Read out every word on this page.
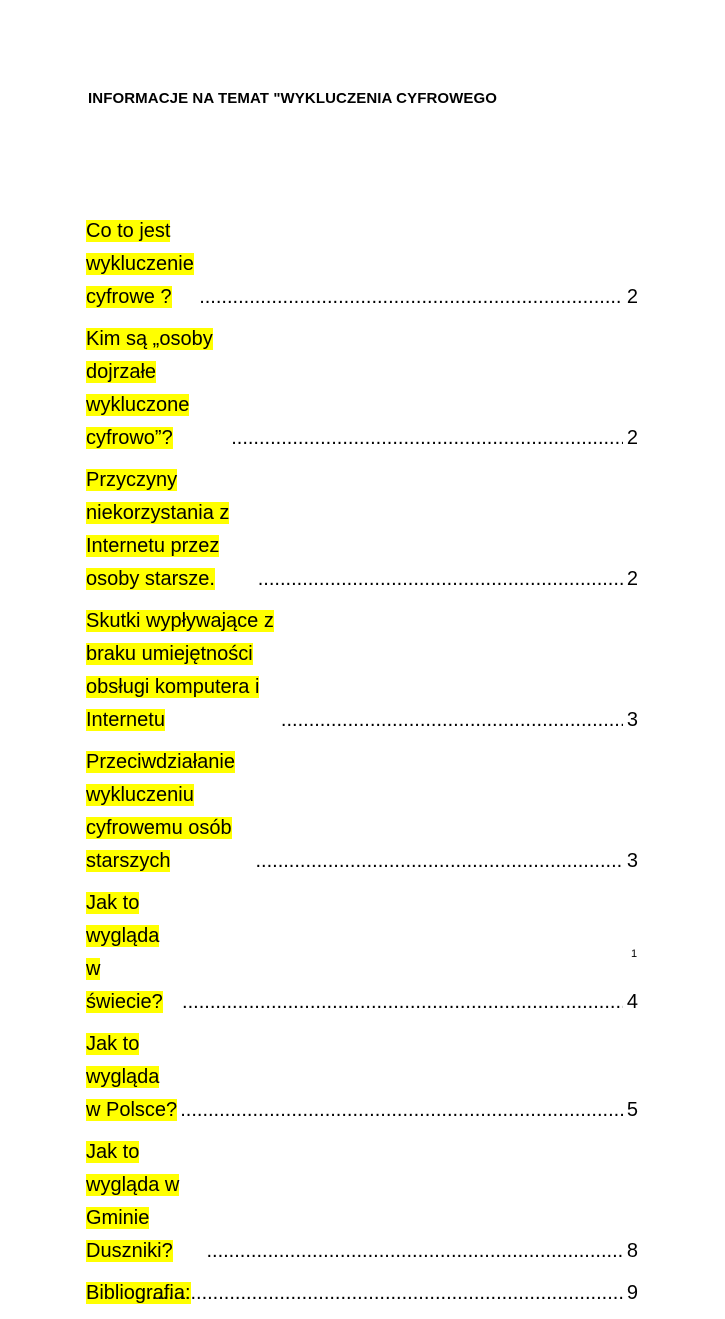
INFORMACJE NA TEMAT "WYKLUCZENIA CYFROWEGO
Co to jest wykluczenie cyfrowe ? .....	2
Kim są „osoby dojrzałe wykluczone cyfrowo”? .....	2
Przyczyny niekorzystania z Internetu przez osoby starsze. .....	2
Skutki wypływające z braku umiejętności obsługi komputera i Internetu .....	3
Przeciwdziałanie wykluczeniu cyfrowemu osób starszych .....	3
Jak to wygląda w świecie? .....	4
Jak to wygląda w Polsce? .....	5
Jak to wygląda w Gminie Duszniki? .....	8
Bibliografia: .....	9
1
